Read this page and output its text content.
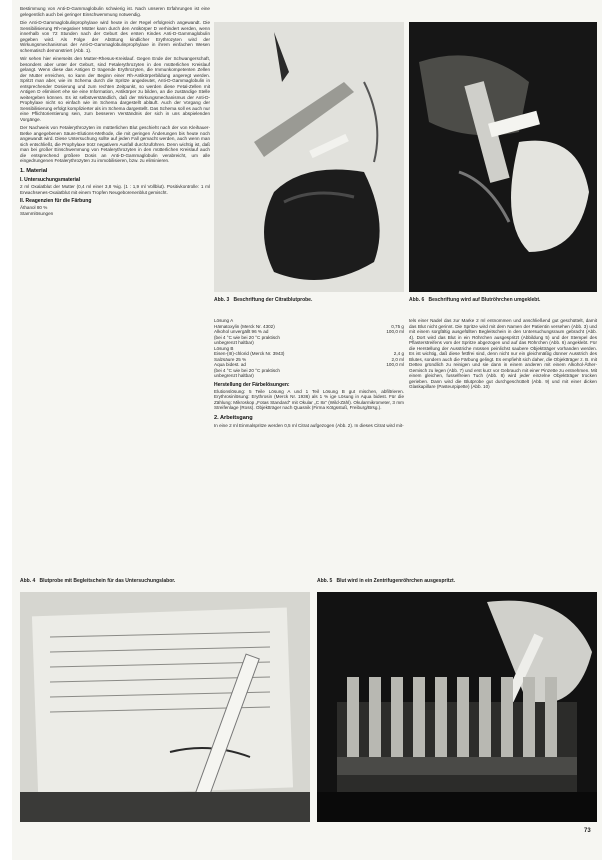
Bestimmung von Anti-D-Gammaglobulin schwierig ist. Nach unseren Erfahrungen ist eine gelegentlich auch bei geringer Einschwemmung notwendig.

Die Anti-D-Gammaglobulinprophylaxe wird heute in der Regel erfolgreich angewandt. Die Sensibilisierung Rh-negativer Mütter kann durch den Antikörper D verhindert werden, wenn innerhalb von 72 Stunden nach der Geburt des ersten Kindes Anti-D-Gammaglobulin gegeben wird. Als Folge der Abtötung kindlicher Erythrozyten wird der Wirkungsmechanismus der Anti-D-Gammaglobulinprophylaxe in ihrem einfachen Wesen schematisch demonstriert (Abb. 1).

Wir sehen hier einerseits den Mutter-Rhesus-Kreislauf. Gegen Ende der Schwangerschaft, besonders aber unter der Geburt, sind Fetalerythrozyten in den mütterlichen Kreislauf gelangt. Wenn diese das Antigen D tragende Erythrozyten, die Immunkompetenten Zellen der Mutter erreichen, so kann der Beginn einer Rh-Antikörperbildung angeregt werden. Spritzt man aber, wie im Schema durch die Spritze angedeutet, Anti-D-Gammaglobulin in entsprechender Dosierung und zum rechten Zeitpunkt, so werden diese Fetal-Zellen mit Antigen D eliminiert ehe sie eine Information, Antikörper zu bilden, an die zuständige Stelle weitergeben können. Es ist selbstverständlich, daß der Wirkungsmechanismus der Anti-D-Prophylaxe nicht so einfach wie im Schema dargestellt abläuft. Auch der Vorgang der Sensibilisierung erfolgt komplizierter als im Schema dargestellt. Das Schema soll es auch nur eine Pflichtorientierung sein, zum besseren Verständnis der sich in uns abspielenden Vorgänge.

Der Nachweis von Fetalerythrozyten im mütterlichen Blut geschieht nach der von Kleihauer-Betke angegebenen Säure-Elutions-Methode, die mit geringen Änderungen bis heute noch angewandt wird. Diese Untersuchung sollte auf jeden Fall gemacht werden, auch wenn man sich entschließt, die Prophylaxe trotz negativem Ausfall durchzuführen. Denn wichtig ist, daß man bei großer Einschwemmung von Fetalerythrozyten in den mütterlichen Kreislauf auch die entsprechend größere Dosis an Anti-D-Gammaglobulin verabreicht, um alle eingedrungenen Fetalerythrozyten zu immobilisieren, bzw. zu eliminieren.

1. Material
I. Untersuchungsmaterial

2 ml Oxalatblut der Mutter (0,4 ml einer 3,8 %ig. (1 : 1,9 ml Vollblut). Positivkontrolle: 1 ml Erwachsenes-Oxalatblut mit einem Tropfen Neugeborenenblut gemischt.

II. Reagenzien für die Färbung
Äthanol 80 %
Stammlösungen
Abb. 3 Beschriftung der Citratblutprobe.	Abb. 6 Beschriftung wird auf Blutröhrchen umgeklebt.
Lösung A
Hämatoxylin (Merck Nr. 4302)	0,75 g
Alkohol unvergällt 96 % ad	100,0 ml
(bei 4 °C wie bei 20 °C praktisch
unbegrenzt haltbar)
Lösung B
Eisen-(III)-chlorid (Merck Nr. 3943)	2,4 g
Salzsäure 25 %	2,0 ml
Aqua bidest. ad	100,0 ml
(bei 4 °C wie bei 20 °C praktisch
unbegrenzt haltbar)
Herstellung der Färbelösungen:

Elutionslösung: 5 Teile Lösung A und 1 Teil Lösung B gut mischen, abfiltrieren. Erythrosinlösung: Erythrosin (Merck Nr. 1936) als 1 % ige Lösung in Aqua bidest. Für die Zählung: Mikroskop „Fotas Standard“ mit Okular „C 8x“ (Wild-Zähl). Okularmikrometer, 3 mm Streifenlage (Ross). Objektträger nach Quasnik (Firma Kötgsstuß, Freiburg/Brsg.).

2. Arbeitsgang

In eine 2 ml Einmalspritze werden 0,5 ml Citrat aufgezogen (Abb. 2). In dieses Citrat wird mit-

tels einer Nadel das zur Marke 2 ml entnommen und anschließend gut geschüttelt, damit das Blut nicht gerinnt. Die Spritze wird mit dem Namen der Patientin versehen (Abb. 3) und mit einem sorgfältig ausgefüllten Begleitschein in den Untersuchungsraum gebracht (Abb. 4). Dort wird das Blut in ein Röhrchen ausgespritzt (Abbildung 5) und der Stempel des Pflasterstreifens vom der Spritze abgezogen und auf das Röhrchen (Abb. 6) angeklebt. Für die Herstellung der Ausstriche müssen peinlichst saubere Objektträger vorhanden werden. Es ist wichtig, daß diese fettfrei sind, denn nicht nur ein gleichmäßig dünner Ausstrich des Blutes, sondern auch die Färbung gelingt. Es empfiehlt sich daher, die Objektträger z. B. mit Dettex gründlich zu reinigen und sie dann in einem anderen mit einem Alkohol-Äther-Gemisch zu legen (Abb. 7) und erst kurz vor Gebrauch mit einer Pinzette zu entnehmen. Mit einem gleichen, fusselfreien Tuch (Abb. 8) wird jeder einzelne Objektträger trocken gerieben. Dann wird die Blutprobe gut durchgeschüttelt (Abb. 9) und mit einer dicken Glaskapillare (Pasteurpipette) (Abb. 10)

Abb. 4 Blutprobe mit Begleitschein für das Untersuchungslabor.	Abb. 5 Blut wird in ein Zentrifugenröhrchen ausgespritzt.
73
